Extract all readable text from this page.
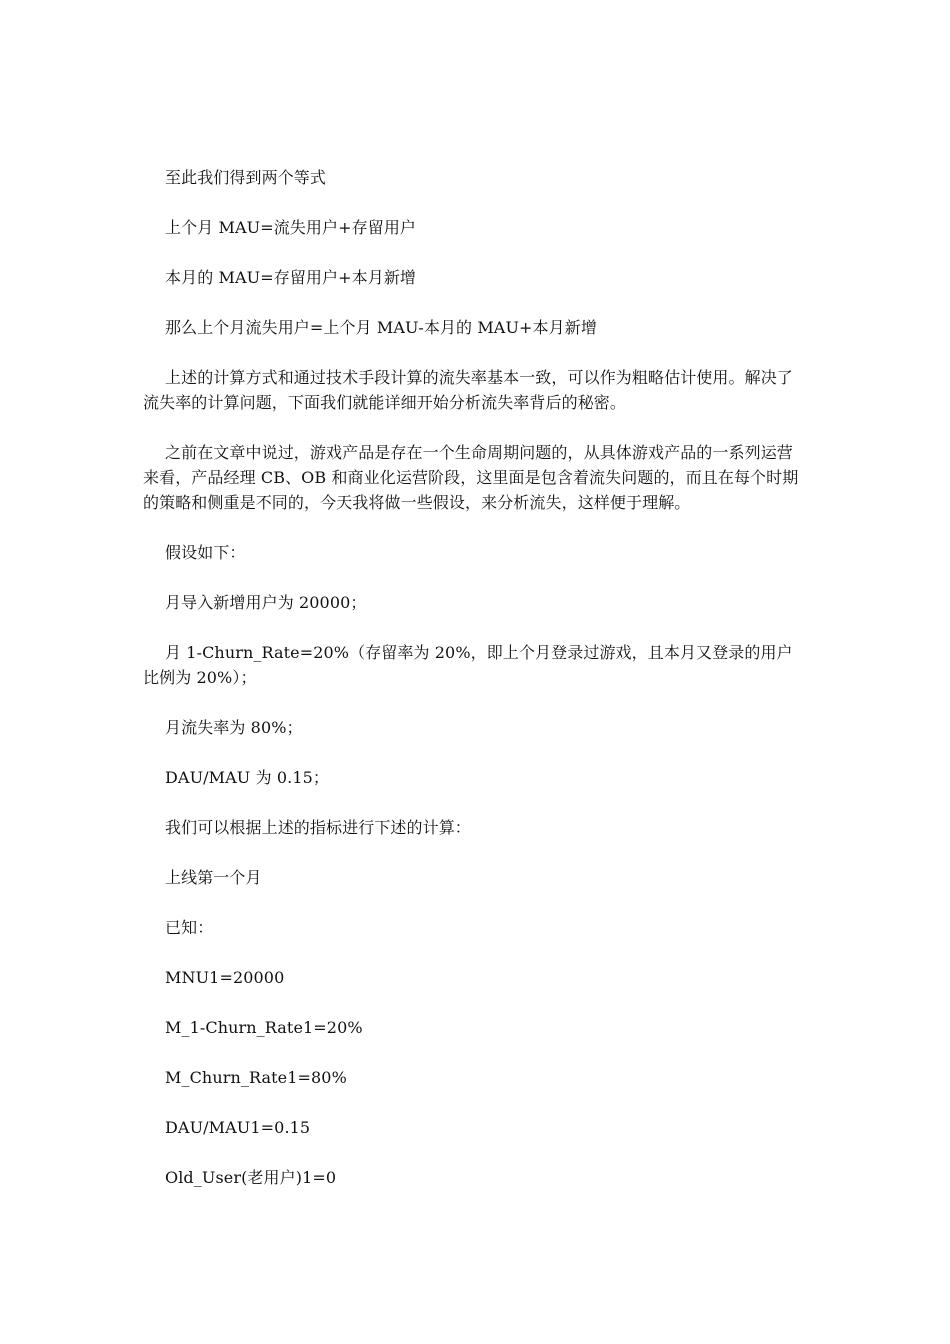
至此我们得到两个等式

上个月 MAU=流失用户+存留用户

本月的 MAU=存留用户+本月新增

那么上个月流失用户=上个月 MAU-本月的 MAU+本月新增

上述的计算方式和通过技术手段计算的流失率基本一致，可以作为粗略估计使用。解决了流失率的计算问题，下面我们就能详细开始分析流失率背后的秘密。

之前在文章中说过，游戏产品是存在一个生命周期问题的，从具体游戏产品的一系列运营来看，产品经理 CB、OB 和商业化运营阶段，这里面是包含着流失问题的，而且在每个时期的策略和侧重是不同的，今天我将做一些假设，来分析流失，这样便于理解。

假设如下：

月导入新增用户为 20000；

月 1-Churn_Rate=20%（存留率为 20%，即上个月登录过游戏，且本月又登录的用户比例为 20%）；

月流失率为 80%；

DAU/MAU 为 0.15；

我们可以根据上述的指标进行下述的计算：

上线第一个月

已知：

MNU1=20000

M_1-Churn_Rate1=20%

M_Churn_Rate1=80%

DAU/MAU1=0.15

Old_User(老用户)1=0
